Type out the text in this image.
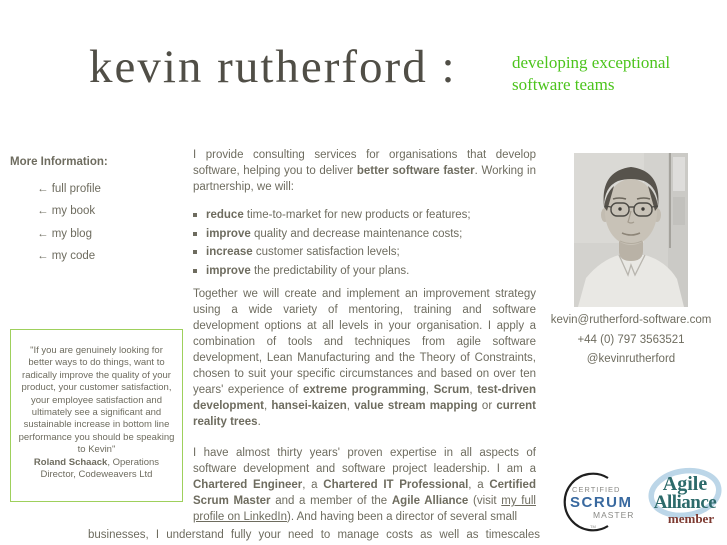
kevin rutherford :	developing exceptional
software teams
More Information:
← full profile
← my book
← my blog
← my code
"If you are genuinely looking for better ways to do things, want to radically improve the quality of your product, your customer satisfaction, your employee satisfaction and ultimately see a significant and sustainable increase in bottom line performance you should be speaking to Kevin"
Roland Schaack, Operations Director, Codeweavers Ltd

I provide consulting services for organisations that develop software, helping you to deliver better software faster. Working in partnership, we will:

reduce time-to-market for new products or features;
improve quality and decrease maintenance costs;
increase customer satisfaction levels;
improve the predictability of your plans.

Together we will create and implement an improvement strategy using a wide variety of mentoring, training and software development options at all levels in your organisation. I apply a combination of tools and techniques from agile software development, Lean Manufacturing and the Theory of Constraints, chosen to suit your specific circumstances and based on over ten years' experience of extreme programming, Scrum, test-driven development, hansei-kaizen, value stream mapping or current reality trees.

I have almost thirty years' proven expertise in all aspects of software development and software project leadership. I am a Chartered Engineer, a Chartered IT Professional, a Certified Scrum Master and a member of the Agile Alliance (visit my full profile on LinkedIn). And having been a director of several small

businesses, I understand fully your need to manage costs as well as timescales
kevin@rutherford-software.com
+44 (0) 797 3563521
@kevinrutherford
CERTIFIED
SCRUM
MASTER
TM
Agile
Alliance
member
